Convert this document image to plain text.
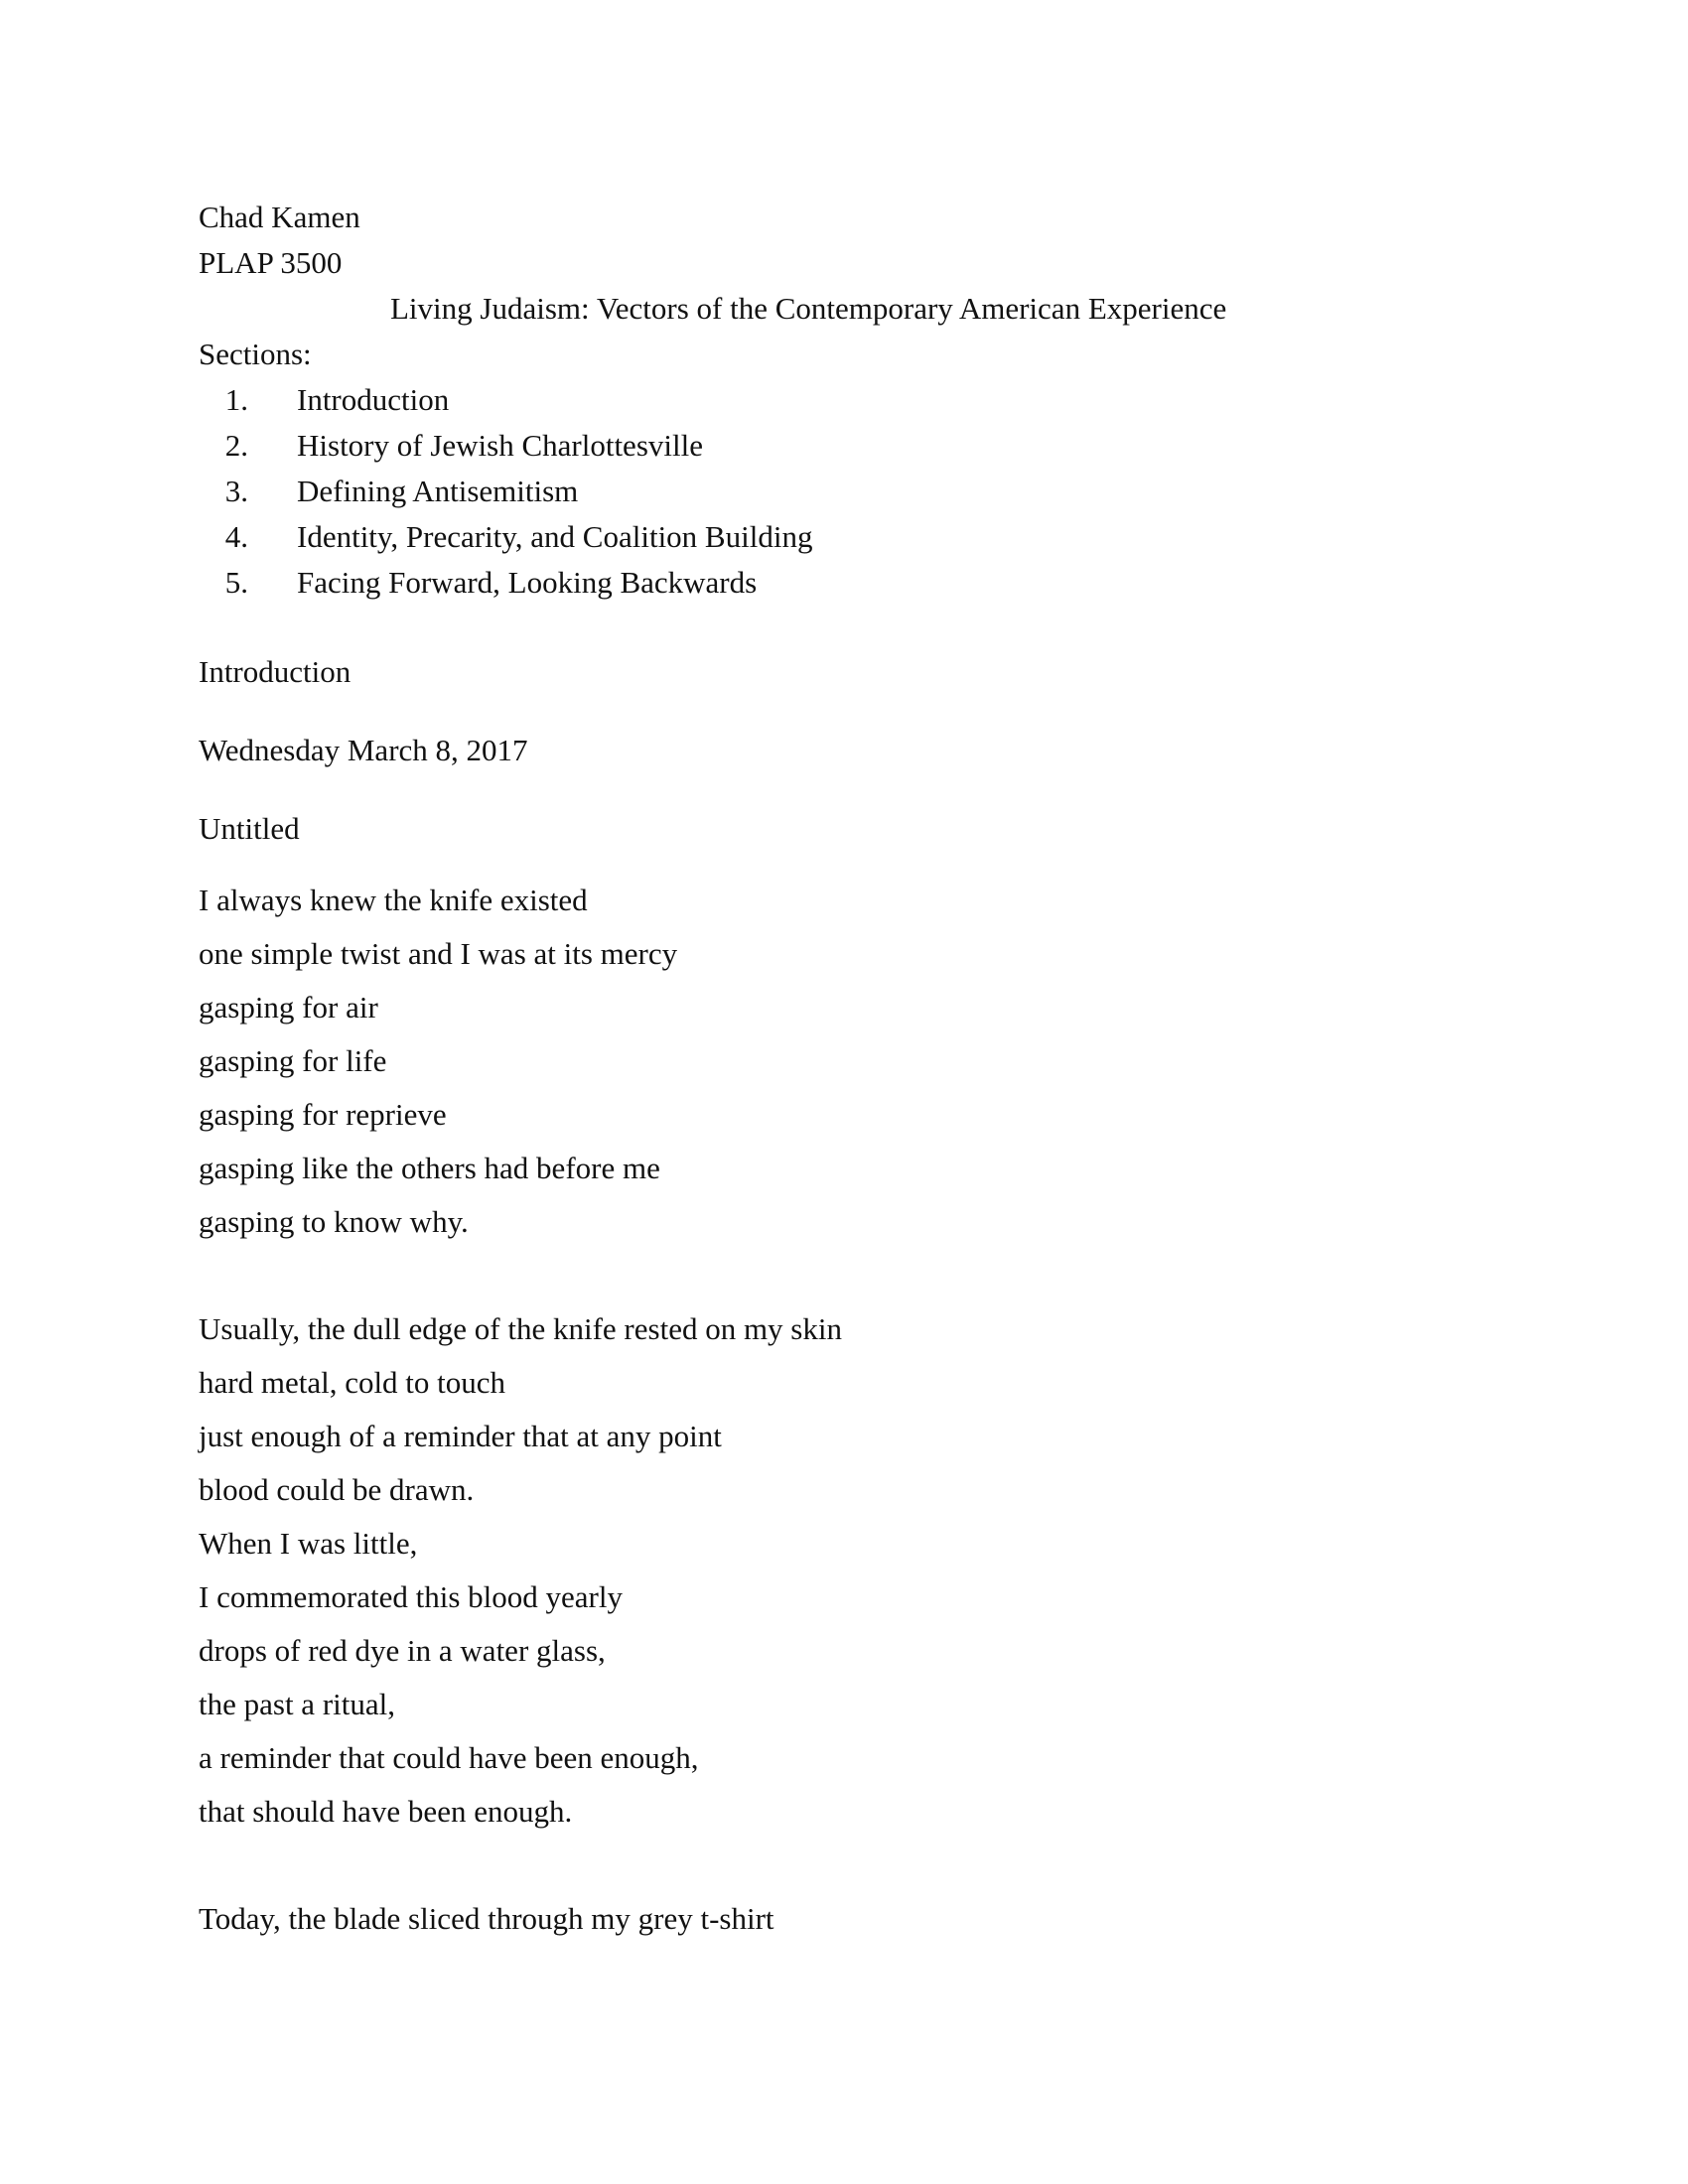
Chad Kamen
PLAP 3500
Living Judaism: Vectors of the Contemporary American Experience
Sections:
1. Introduction
2. History of Jewish Charlottesville
3. Defining Antisemitism
4. Identity, Precarity, and Coalition Building
5. Facing Forward, Looking Backwards
Introduction
Wednesday March 8, 2017
Untitled
I always knew the knife existed
one simple twist and I was at its mercy
gasping for air
gasping for life
gasping for reprieve
gasping like the others had before me
gasping to know why.
Usually, the dull edge of the knife rested on my skin
hard metal, cold to touch
just enough of a reminder that at any point
blood could be drawn.
When I was little,
I commemorated this blood yearly
drops of red dye in a water glass,
the past a ritual,
a reminder that could have been enough,
that should have been enough.
Today, the blade sliced through my grey t-shirt
